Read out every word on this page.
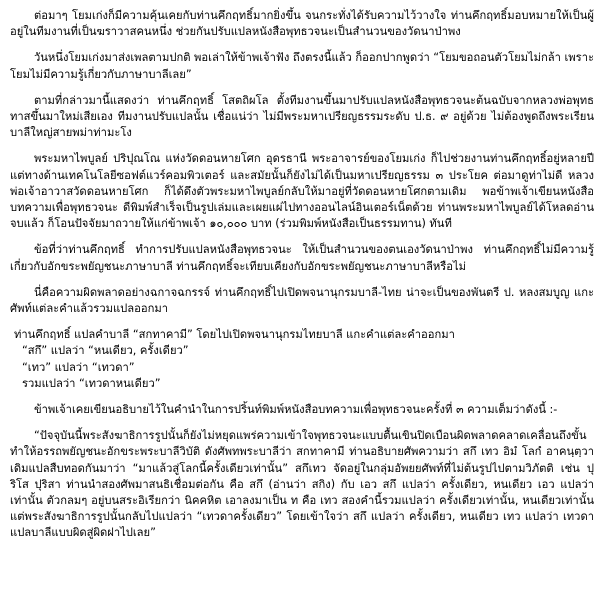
ต่อมาๆ โยมเก่งก็มีความคุ้นเคยกับท่านคึกฤทธิ์มากยิ่งขึ้น จนกระทั่งได้รับความไว้วางใจ ท่านคึกฤทธิ์มอบหมายให้เป็นผู้อยู่ในทีมงานที่เป็นฆราวาสคนหนึ่ง ช่วยกันปรับแปลหนังสือพุทธวจนะเป็นสำนวนของวัดนาป่าพง

วันหนึ่งโยมเก่งมาส่งเพลตามปกติ พอเล่าให้ข้าพเจ้าฟัง ถึงตรงนี้แล้ว ก็ออกปากพูดว่า “โยมขอถอนตัวโยมไม่กล้า เพราะโยมไม่มีความรู้เกี่ยวกับภาษาบาลีเลย”

ตามที่กล่าวมานี้แสดงว่า ท่านคึกฤทธิ์ โสตถิผโล ตั้งทีมงานขึ้นมาปรับแปลหนังสือพุทธวจนะต้นฉบับจากหลวงพ่อพุทธทาสขึ้นมาใหม่เสียเอง ทีมงานปรับแปลนั้น เชื่อแน่ว่า ไม่มีพระมหาเปรียญธรรมระดับ ป.ธ. ๙ อยู่ด้วย ไม่ต้องพูดถึงพระเรียนบาลีใหญ่สายพม่าท่ามะโง

พระมหาไพบูลย์ ปริปุณโณ แห่งวัดดอนหายโศก อุดรธานี พระอาจารย์ของโยมเก่ง ก็ไปช่วยงานท่านคึกฤทธิ์อยู่หลายปี แต่ทางด้านเทคโนโลยีซอฟต์แวร์คอมพิวเตอร์ และสมัยนั้นก็ยังไม่ได้เป็นมหาเปรียญธรรม ๓ ประโยค ต่อมาดูท่าไม่ดี หลวงพ่อเจ้าอาวาสวัดดอนหายโศก ก็ได้ดึงตัวพระมหาไพบูลย์กลับให้มาอยู่ที่วัดดอนหายโศกตามเดิม พอข้าพเจ้าเขียนหนังสือบทความเพื่อพุทธวจนะ ดีพิมพ์สำเร็จเป็นรูปเล่มและเผยแผ่ไปทางออนไลน์อินเตอร์เน็ตด้วย ท่านพระมหาไพบูลย์ได้โหลดอ่านจบแล้ว ก็โอนปัจจัยมาถวายให้แก่ข้าพเจ้า ๑๐,๐๐๐ บาท (ร่วมพิมพ์หนังสือเป็นธรรมทาน) ทันที

ข้อที่ว่าท่านคึกฤทธิ์ ทำการปรับแปลหนังสือพุทธวจนะ ให้เป็นสำนวนของตนเองวัดนาป่าพง ท่านคึกฤทธิ์ไม่มีความรู้เกี่ยวกับอักขระพยัญชนะภาษาบาลี ท่านคึกฤทธิ์จะเทียบเคียงกับอักขระพยัญชนะภาษาบาลีหรือไม่

นี่คือความผิดพลาดอย่างฉกาจฉกรรจ์ ท่านคึกฤทธิ์ไปเปิดพจนานุกรมบาลี-ไทย น่าจะเป็นของพันตรี ป. หลงสมบูญ แกะศัพท์แต่ละคำแล้วรวมแปลออกมา

ท่านคึกฤทธิ์ แปลคำบาลี “สกทาคามี” โดยไปเปิดพจนานุกรมไทยบาลี แกะคำแต่ละคำออกมา
“สกึ” แปลว่า “หนเดียว, ครั้งเดียว”
“เทว” แปลว่า “เทวดา”
รวมแปลว่า “เทวดาหนเดียว”

ข้าพเจ้าเคยเขียนอธิบายไว้ในคำนำในการปริ้นท์พิมพ์หนังสือบทความเพื่อพุทธวจนะครั้งที่ ๓ ความเต็มว่าดังนี้ :-

“ปัจจุบันนี้พระสังฆาธิการรูปนั้นก็ยังไม่หยุดแพร่ความเข้าใจพุทธวจนะแบบตื้นเขินปิดเบือนผิดพลาดคลาดเคลื่อนถึงขั้นทำให้อรรถพยัญชนะอักขระพระบาลีวิบัติ ดังศัพทพระบาลีว่า สกทาคามี ท่านอธิบายศัพความว่า สกึ เทว อิมํ โลกํ อาคนฺตฺวา เดิมแปลสืบทอดกันมาว่า “มาแล้วสู่โลกนี้ครั้งเดียวเท่านั้น” สกึเทว จัดอยู่ในกลุ่มอัพยยศัพท์ที่ไม่ต้นรูปไปตามวิภัตติ เช่น ปุริโส ปุริสา ท่านนำสองศัพมาสนธิเชื่อมต่อกัน คือ สกึ (อ่านว่า สกิง) กับ เอว สกึ แปลว่า ครั้งเดียว, หนเดียว เอว แปลว่า เท่านั้น ตัวกลมๆ อยู่บนสระอิเรียกว่า นิคคหิต เอาลงมาเป็น ท คือ เทว สองคำนี้รวมแปลว่า ครั้งเดียวเท่านั้น, หนเดียวเท่านั้น แต่พระสังฆาธิการรูปนั้นกลับไปแปลว่า “เทวดาครั้งเดียว” โดยเข้าใจว่า สกึ แปลว่า ครั้งเดียว, หนเดียว เทว แปลว่า เทวดา แปลบาลีแบบผิดสู่ผิดฝาไปเลย”
